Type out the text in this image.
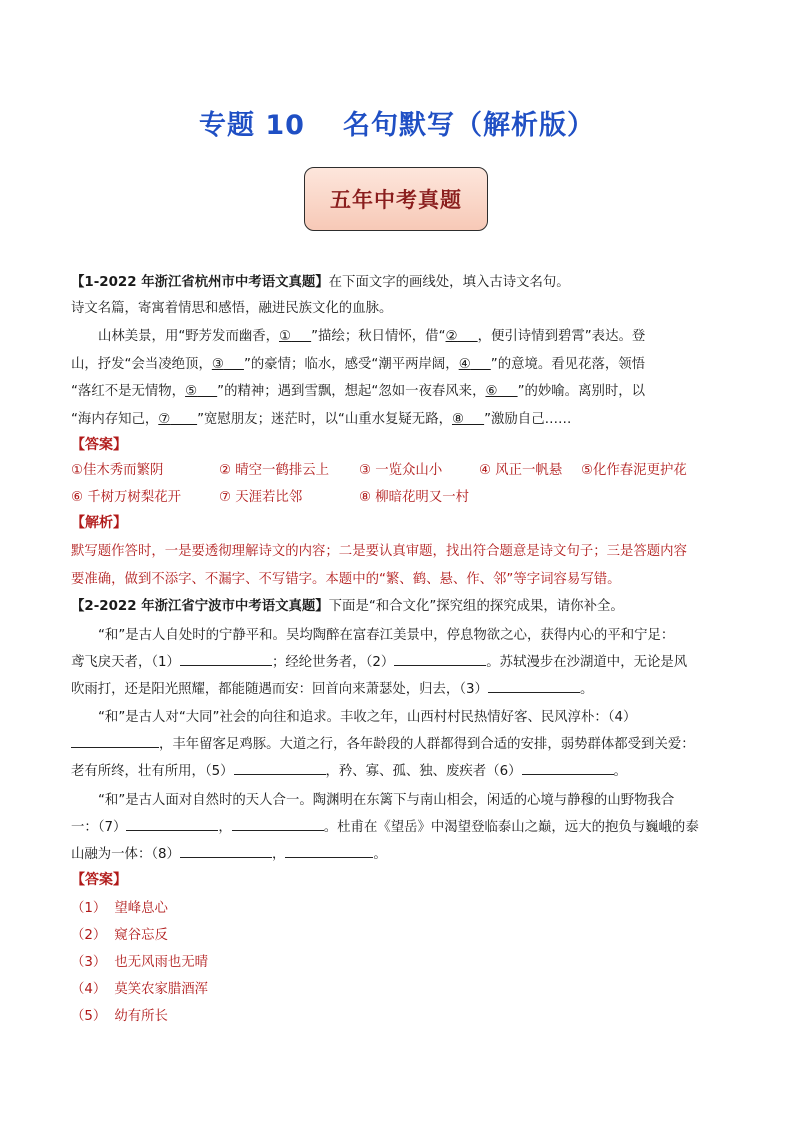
专题 10 名句默写（解析版）
五年中考真题
【1-2022 年浙江省杭州市中考语文真题】在下面文字的画线处，填入古诗文名句。
诗文名篇，寄寓着情思和感悟，融进民族文化的血脉。
山林美景，用“野芳发而幽香，①　  ”描绘；秋日情怀，借“②　  ，便引诗情到碧霄”表达。登
山，抒发“会当凌绝顶，③　  ”的豪情；临水，感受“潮平两岸阔，④　  ”的意境。看见花落，领悟
“落红不是无情物，⑤　  ”的精神；遇到雪飘，想起“忽如一夜春风来，⑥　  ”的妙喻。离别时，以
“海内存知己，⑦　　 ”宽慰朋友；迷茫时，以“山重水复疑无路，⑧　  ”激励自己……
【答案】
①佳木秀而繁阴	② 晴空一鹤排云上 ③ 一览众山小	④ 风正一帆悬 ⑤化作春泥更护花
⑥ 千树万树梨花开	⑦ 天涯若比邻	⑧ 柳暗花明又一村
【解析】
默写题作答时，一是要透彻理解诗文的内容；二是要认真审题，找出符合题意是诗文句子；三是答题内容
要准确，做到不添字、不漏字、不写错字。本题中的“繁、鹤、悬、作、邻”等字词容易写错。
【2-2022 年浙江省宁波市中考语文真题】下面是“和合文化”探究组的探究成果，请你补全。
“和”是古人自处时的宁静平和。吴均陶醉在富春江美景中，停息物欲之心，获得内心的平和宁足：
鸢飞戾天者，（1）	；经纶世务者，（2）	。苏轼漫步在沙湖道中，无论是风
吹雨打，还是阳光照耀，都能随遇而安：回首向来萧瑟处，归去，（3）	。
“和”是古人对“大同”社会的向往和追求。丰收之年，山西村村民热情好客、民风淳朴：（4）
，丰年留客足鸡豚。大道之行，各年龄段的人群都得到合适的安排，弱势群体都受到关爱：
老有所终，壮有所用，（5）	，矜、寡、孤、独、废疾者（6）	。
“和”是古人面对自然时的天人合一。陶渊明在东篱下与南山相会，闲适的心境与静穆的山野物我合
一：（7）	，	。杜甫在《望岳》中渴望登临泰山之巅，远大的抱负与巍峨的泰
山融为一体：（8）	，	。
【答案】
（1） 望峰息心
（2） 窥谷忘反
（3） 也无风雨也无晴
（4） 莫笑农家腊酒浑
（5） 幼有所长
